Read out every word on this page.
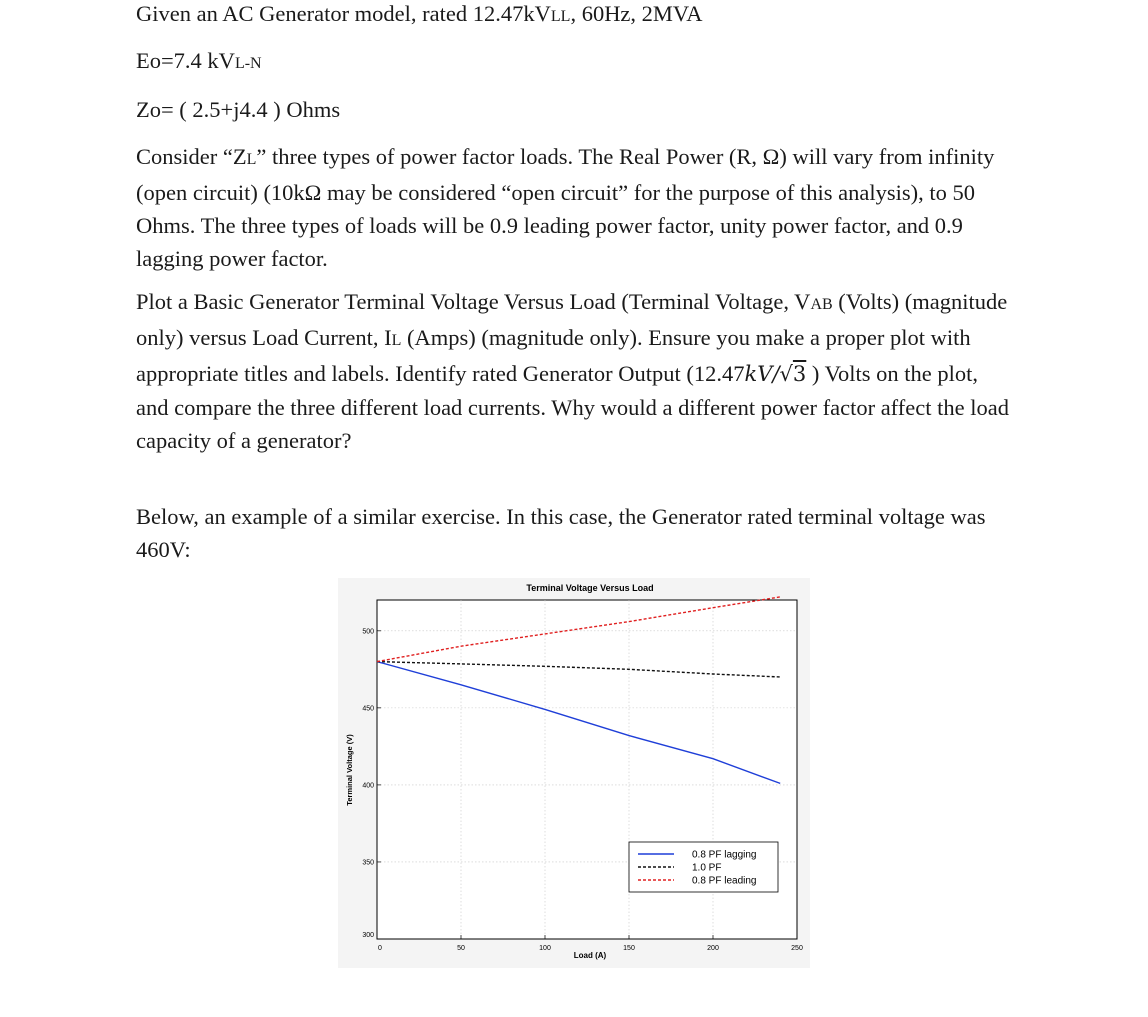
Given an AC Generator model, rated 12.47kVLL, 60Hz, 2MVA

Eo=7.4 kVL-N

Zo= ( 2.5+j4.4 ) Ohms

Consider “ZL” three types of power factor loads. The Real Power (R, Ω) will vary from infinity (open circuit) (10kΩ may be considered “open circuit” for the purpose of this analysis), to 50 Ohms. The three types of loads will be 0.9 leading power factor, unity power factor, and 0.9 lagging power factor.

Plot a Basic Generator Terminal Voltage Versus Load (Terminal Voltage, VAB (Volts) (magnitude only) versus Load Current, IL (Amps) (magnitude only). Ensure you make a proper plot with appropriate titles and labels. Identify rated Generator Output (12.47kV/√3 ) Volts on the plot, and compare the three different load currents. Why would a different power factor affect the load capacity of a generator?

Below, an example of a similar exercise. In this case, the Generator rated terminal voltage was 460V:

0	50	100	150	200	250
300
350
400
450
500
Terminal Voltage Versus Load
Load (A)
Terminal Voltage (V)
0.8 PF lagging
1.0 PF
0.8 PF leading
